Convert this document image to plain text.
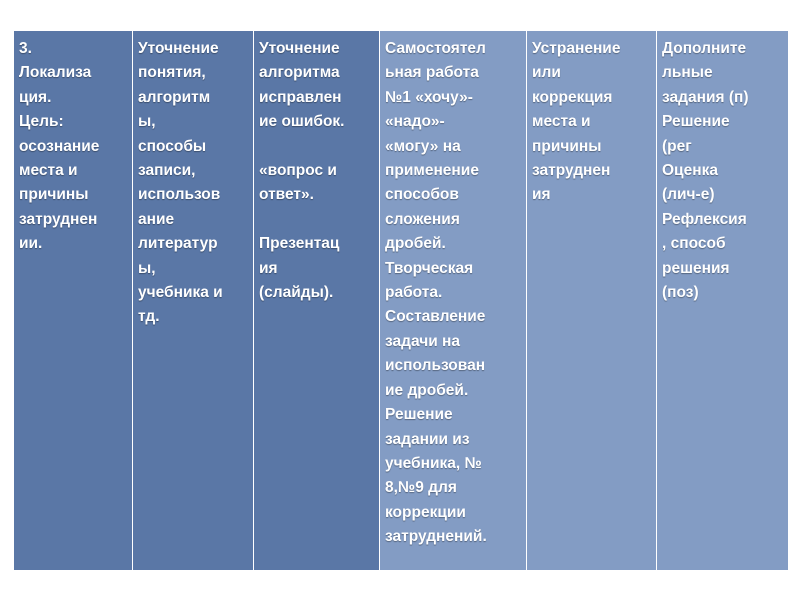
3.
Локализа
ция.
Цель:
осознание
места и
причины
затруднен
ии.	Уточнение
понятия,
алгоритм
ы,
способы
записи,
использов
ание
литератур
ы,
учебника и
тд.	Уточнение
алгоритма
исправлен
ие ошибок.

«вопрос и
ответ».

Презентац
ия
(слайды).	Самостоятел
ьная работа
№1 «хочу»-
«надо»-
«могу» на
применение
способов
сложения
дробей.
Творческая
работа.
Составление
задачи на
использован
ие дробей.
Решение
задании из
учебника, №
8,№9 для
коррекции
затруднений.	Устранение
или
коррекция
места и
причины
затруднен
ия	Дополните
льные
задания (п)
Решение
(рег
Оценка
(лич-е)
Рефлексия
, способ
решения
(поз)
